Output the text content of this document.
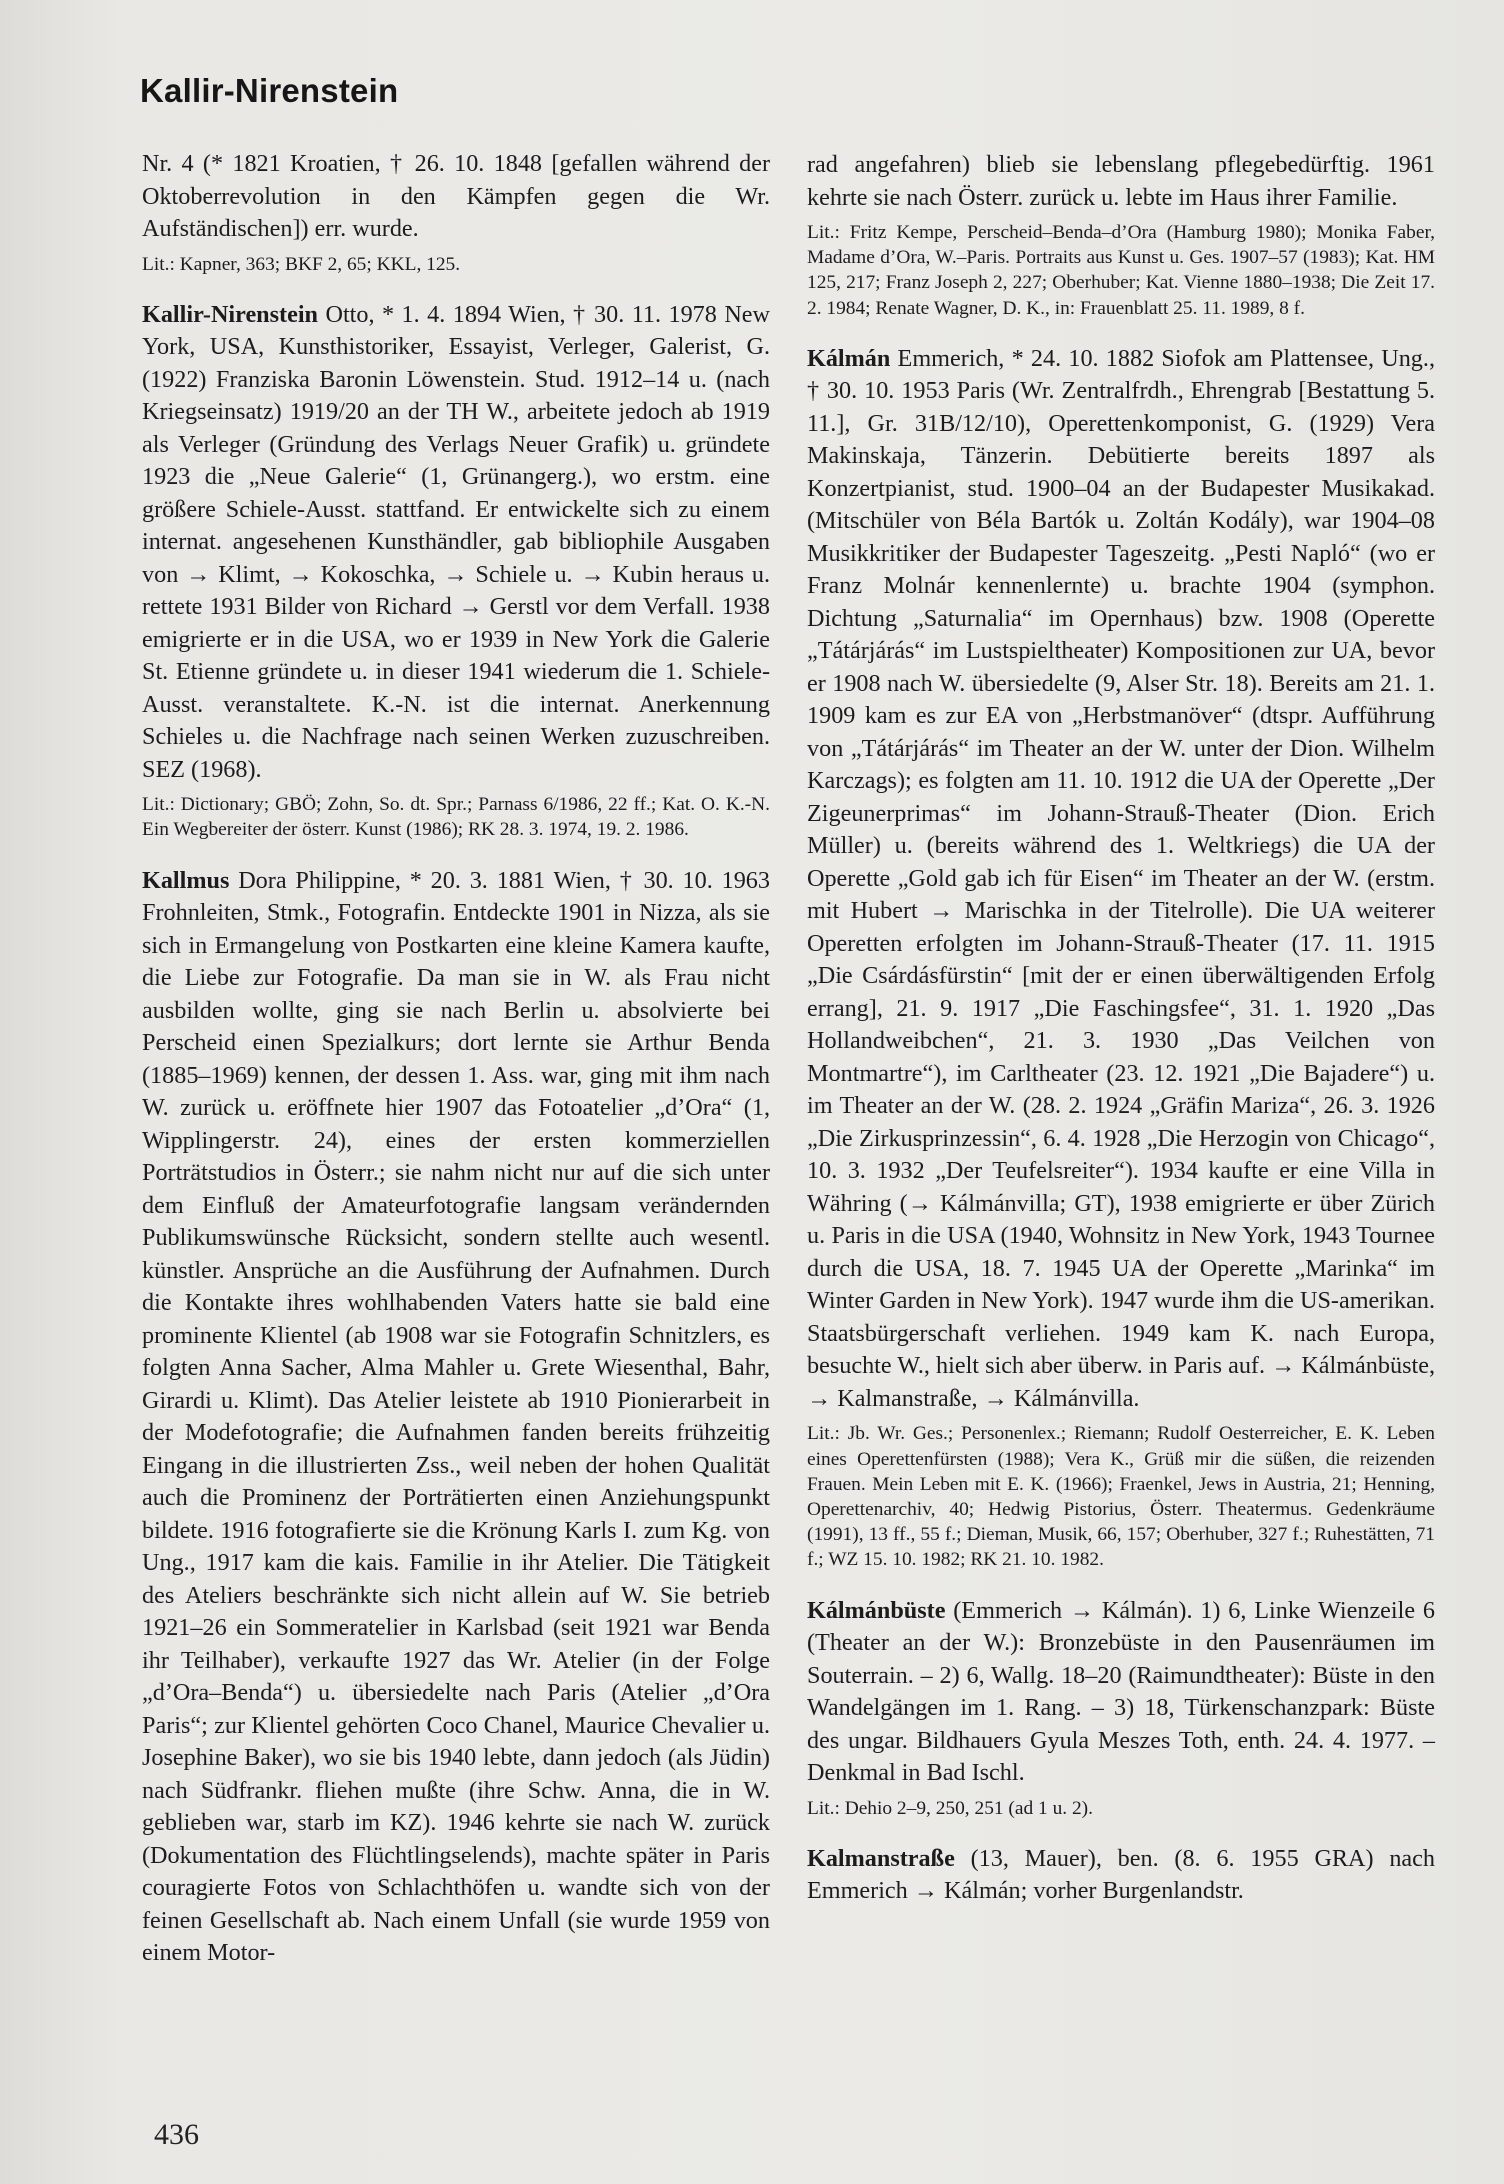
Kallir-Nirenstein

Nr. 4 (* 1821 Kroatien, † 26. 10. 1848 [gefallen während der Oktoberrevolution in den Kämpfen gegen die Wr. Aufständischen]) err. wurde.

Lit.: Kapner, 363; BKF 2, 65; KKL, 125.

Kallir-Nirenstein Otto, * 1. 4. 1894 Wien, † 30. 11. 1978 New York, USA, Kunsthistoriker, Essayist, Verleger, Galerist, G. (1922) Franziska Baronin Löwenstein. Stud. 1912–14 u. (nach Kriegseinsatz) 1919/20 an der TH W., arbeitete jedoch ab 1919 als Verleger (Gründung des Verlags Neuer Grafik) u. gründete 1923 die „Neue Galerie“ (1, Grünangerg.), wo erstm. eine größere Schiele-Ausst. stattfand. Er entwickelte sich zu einem internat. angesehenen Kunsthändler, gab bibliophile Ausgaben von → Klimt, → Kokoschka, → Schiele u. → Kubin heraus u. rettete 1931 Bilder von Richard → Gerstl vor dem Verfall. 1938 emigrierte er in die USA, wo er 1939 in New York die Galerie St. Etienne gründete u. in dieser 1941 wiederum die 1. Schiele-Ausst. veranstaltete. K.-N. ist die internat. Anerkennung Schieles u. die Nachfrage nach seinen Werken zuzuschreiben. SEZ (1968).

Lit.: Dictionary; GBÖ; Zohn, So. dt. Spr.; Parnass 6/1986, 22 ff.; Kat. O. K.-N. Ein Wegbereiter der österr. Kunst (1986); RK 28. 3. 1974, 19. 2. 1986.

Kallmus Dora Philippine, * 20. 3. 1881 Wien, † 30. 10. 1963 Frohnleiten, Stmk., Fotografin. Entdeckte 1901 in Nizza, als sie sich in Ermangelung von Postkarten eine kleine Kamera kaufte, die Liebe zur Fotografie. Da man sie in W. als Frau nicht ausbilden wollte, ging sie nach Berlin u. absolvierte bei Perscheid einen Spezialkurs; dort lernte sie Arthur Benda (1885–1969) kennen, der dessen 1. Ass. war, ging mit ihm nach W. zurück u. eröffnete hier 1907 das Fotoatelier „d’Ora“ (1, Wipplingerstr. 24), eines der ersten kommerziellen Porträtstudios in Österr.; sie nahm nicht nur auf die sich unter dem Einfluß der Amateurfotografie langsam verändernden Publikumswünsche Rücksicht, sondern stellte auch wesentl. künstler. Ansprüche an die Ausführung der Aufnahmen. Durch die Kontakte ihres wohlhabenden Vaters hatte sie bald eine prominente Klientel (ab 1908 war sie Fotografin Schnitzlers, es folgten Anna Sacher, Alma Mahler u. Grete Wiesenthal, Bahr, Girardi u. Klimt). Das Atelier leistete ab 1910 Pionierarbeit in der Modefotografie; die Aufnahmen fanden bereits frühzeitig Eingang in die illustrierten Zss., weil neben der hohen Qualität auch die Prominenz der Porträtierten einen Anziehungspunkt bildete. 1916 fotografierte sie die Krönung Karls I. zum Kg. von Ung., 1917 kam die kais. Familie in ihr Atelier. Die Tätigkeit des Ateliers beschränkte sich nicht allein auf W. Sie betrieb 1921–26 ein Sommeratelier in Karlsbad (seit 1921 war Benda ihr Teilhaber), verkaufte 1927 das Wr. Atelier (in der Folge „d’Ora–Benda“) u. übersiedelte nach Paris (Atelier „d’Ora Paris“; zur Klientel gehörten Coco Chanel, Maurice Chevalier u. Josephine Baker), wo sie bis 1940 lebte, dann jedoch (als Jüdin) nach Südfrankr. fliehen mußte (ihre Schw. Anna, die in W. geblieben war, starb im KZ). 1946 kehrte sie nach W. zurück (Dokumentation des Flüchtlingselends), machte später in Paris couragierte Fotos von Schlachthöfen u. wandte sich von der feinen Gesellschaft ab. Nach einem Unfall (sie wurde 1959 von einem Motor-

rad angefahren) blieb sie lebenslang pflegebedürftig. 1961 kehrte sie nach Österr. zurück u. lebte im Haus ihrer Familie.

Lit.: Fritz Kempe, Perscheid–Benda–d’Ora (Hamburg 1980); Monika Faber, Madame d’Ora, W.–Paris. Portraits aus Kunst u. Ges. 1907–57 (1983); Kat. HM 125, 217; Franz Joseph 2, 227; Oberhuber; Kat. Vienne 1880–1938; Die Zeit 17. 2. 1984; Renate Wagner, D. K., in: Frauenblatt 25. 11. 1989, 8 f.

Kálmán Emmerich, * 24. 10. 1882 Siofok am Plattensee, Ung., † 30. 10. 1953 Paris (Wr. Zentralfrdh., Ehrengrab [Bestattung 5. 11.], Gr. 31B/12/10), Operettenkomponist, G. (1929) Vera Makinskaja, Tänzerin. Debütierte bereits 1897 als Konzertpianist, stud. 1900–04 an der Budapester Musikakad. (Mitschüler von Béla Bartók u. Zoltán Kodály), war 1904–08 Musikkritiker der Budapester Tageszeitg. „Pesti Napló“ (wo er Franz Molnár kennenlernte) u. brachte 1904 (symphon. Dichtung „Saturnalia“ im Opernhaus) bzw. 1908 (Operette „Tátárjárás“ im Lustspieltheater) Kompositionen zur UA, bevor er 1908 nach W. übersiedelte (9, Alser Str. 18). Bereits am 21. 1. 1909 kam es zur EA von „Herbstmanöver“ (dtspr. Aufführung von „Tátárjárás“ im Theater an der W. unter der Dion. Wilhelm Karczags); es folgten am 11. 10. 1912 die UA der Operette „Der Zigeunerprimas“ im Johann-Strauß-Theater (Dion. Erich Müller) u. (bereits während des 1. Weltkriegs) die UA der Operette „Gold gab ich für Eisen“ im Theater an der W. (erstm. mit Hubert → Marischka in der Titelrolle). Die UA weiterer Operetten erfolgten im Johann-Strauß-Theater (17. 11. 1915 „Die Csárdásfürstin“ [mit der er einen überwältigenden Erfolg errang], 21. 9. 1917 „Die Faschingsfee“, 31. 1. 1920 „Das Hollandweibchen“, 21. 3. 1930 „Das Veilchen von Montmartre“), im Carltheater (23. 12. 1921 „Die Bajadere“) u. im Theater an der W. (28. 2. 1924 „Gräfin Mariza“, 26. 3. 1926 „Die Zirkusprinzessin“, 6. 4. 1928 „Die Herzogin von Chicago“, 10. 3. 1932 „Der Teufelsreiter“). 1934 kaufte er eine Villa in Währing (→ Kálmánvilla; GT), 1938 emigrierte er über Zürich u. Paris in die USA (1940, Wohnsitz in New York, 1943 Tournee durch die USA, 18. 7. 1945 UA der Operette „Marinka“ im Winter Garden in New York). 1947 wurde ihm die US-amerikan. Staatsbürgerschaft verliehen. 1949 kam K. nach Europa, besuchte W., hielt sich aber überw. in Paris auf. → Kálmánbüste, → Kalmanstraße, → Kálmánvilla.

Lit.: Jb. Wr. Ges.; Personenlex.; Riemann; Rudolf Oesterreicher, E. K. Leben eines Operettenfürsten (1988); Vera K., Grüß mir die süßen, die reizenden Frauen. Mein Leben mit E. K. (1966); Fraenkel, Jews in Austria, 21; Henning, Operettenarchiv, 40; Hedwig Pistorius, Österr. Theatermus. Gedenkräume (1991), 13 ff., 55 f.; Dieman, Musik, 66, 157; Oberhuber, 327 f.; Ruhestätten, 71 f.; WZ 15. 10. 1982; RK 21. 10. 1982.

Kálmánbüste (Emmerich → Kálmán). 1) 6, Linke Wienzeile 6 (Theater an der W.): Bronzebüste in den Pausenräumen im Souterrain. – 2) 6, Wallg. 18–20 (Raimundtheater): Büste in den Wandelgängen im 1. Rang. – 3) 18, Türkenschanzpark: Büste des ungar. Bildhauers Gyula Meszes Toth, enth. 24. 4. 1977. – Denkmal in Bad Ischl.

Lit.: Dehio 2–9, 250, 251 (ad 1 u. 2).

Kalmanstraße (13, Mauer), ben. (8. 6. 1955 GRA) nach Emmerich → Kálmán; vorher Burgenlandstr.

436
